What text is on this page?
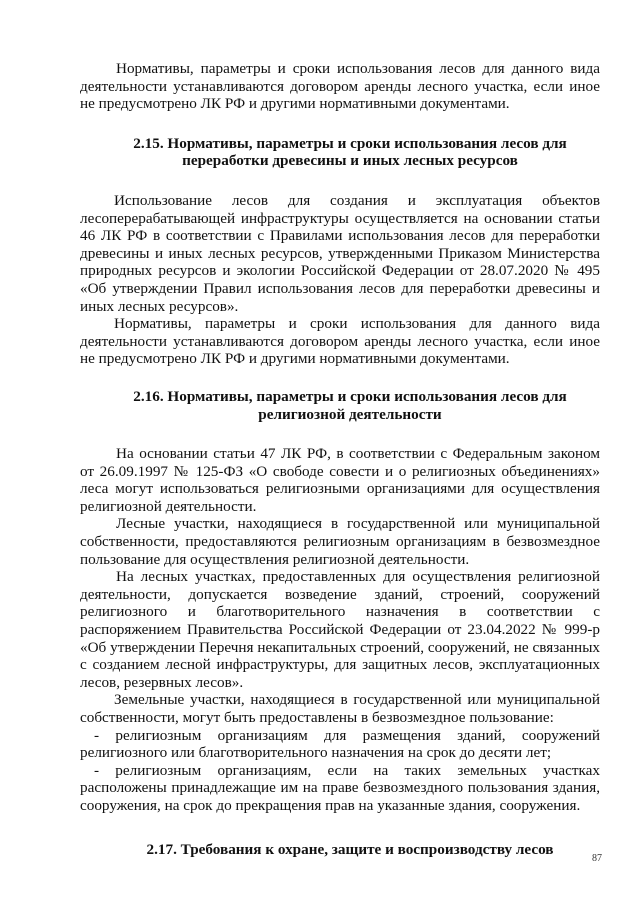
Нормативы, параметры и сроки использования лесов для данного вида деятельности устанавливаются договором аренды лесного участка, если иное не предусмотрено ЛК РФ и другими нормативными документами.

2.15. Нормативы, параметры и сроки использования лесов для переработки древесины и иных лесных ресурсов

Использование лесов для создания и эксплуатация объектов лесоперерабатывающей инфраструктуры осуществляется на основании статьи 46 ЛК РФ в соответствии с Правилами использования лесов для переработки древесины и иных лесных ресурсов, утвержденными Приказом Министерства природных ресурсов и экологии Российской Федерации от 28.07.2020 № 495 «Об утверждении Правил использования лесов для переработки древесины и иных лесных ресурсов».

Нормативы, параметры и сроки использования для данного вида деятельности устанавливаются договором аренды лесного участка, если иное не предусмотрено ЛК РФ и другими нормативными документами.

2.16. Нормативы, параметры и сроки использования лесов для религиозной деятельности

На основании статьи 47 ЛК РФ, в соответствии с Федеральным законом от 26.09.1997 № 125-ФЗ «О свободе совести и о религиозных объединениях» леса могут использоваться религиозными организациями для осуществления религиозной деятельности.

Лесные участки, находящиеся в государственной или муниципальной собственности, предоставляются религиозным организациям в безвозмездное пользование для осуществления религиозной деятельности.

На лесных участках, предоставленных для осуществления религиозной деятельности, допускается возведение зданий, строений, сооружений религиозного и благотворительного назначения в соответствии с распоряжением Правительства Российской Федерации от 23.04.2022 № 999-р «Об утверждении Перечня некапитальных строений, сооружений, не связанных с созданием лесной инфраструктуры, для защитных лесов, эксплуатационных лесов, резервных лесов».

Земельные участки, находящиеся в государственной или муниципальной собственности, могут быть предоставлены в безвозмездное пользование:

- религиозным организациям для размещения зданий, сооружений религиозного или благотворительного назначения на срок до десяти лет;

- религиозным организациям, если на таких земельных участках расположены принадлежащие им на праве безвозмездного пользования здания, сооружения, на срок до прекращения прав на указанные здания, сооружения.

2.17. Требования к охране, защите и воспроизводству лесов
87
